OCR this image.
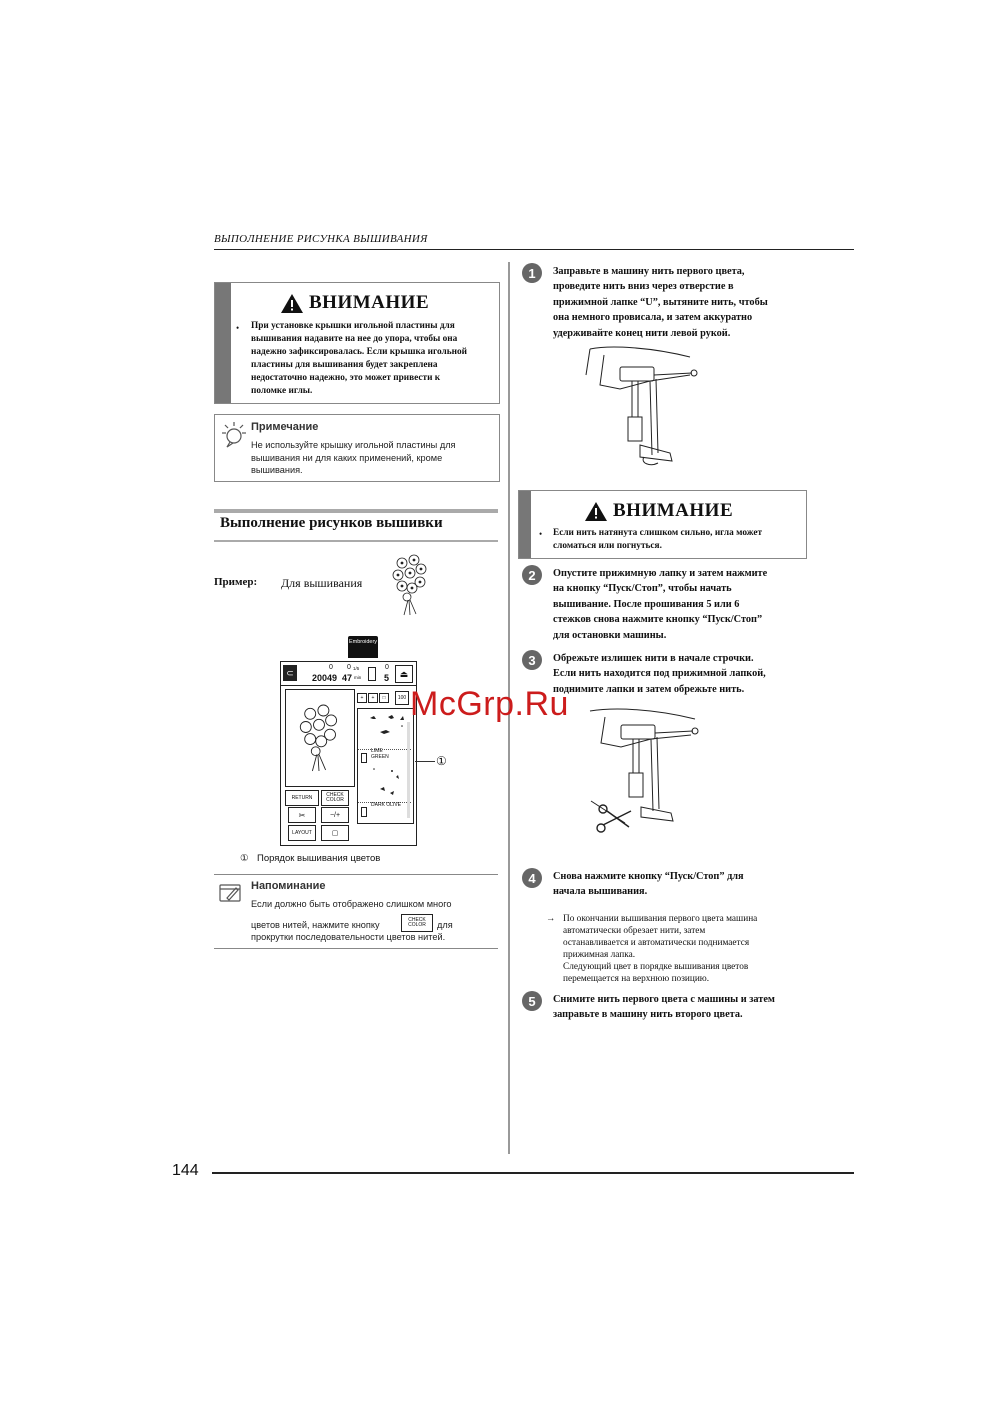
ВЫПОЛНЕНИЕ РИСУНКА ВЫШИВАНИЯ
ВНИМАНИЕ
• При установке крышки игольной пластины для
вышивания надавите на нее до упора, чтобы она
надежно зафиксировалась. Если крышка игольной
пластины для вышивания будет закреплена
недостаточно надежно, это может привести к
поломке иглы.
Примечание
Не используйте крышку игольной пластины для
вышивания ни для каких применений, кроме
вышивания.
Выполнение рисунков вышивки
Пример: Для вышивания
Embroidery
⊂
0
20049
0
47
1/5
min
0
5	⏏
RETURN	CHECK COLOR
✂	−/+
LAYOUT	▢
+	+	□	100
LIME GREEN
DARK OLIVE
①
① Порядок вышивания цветов
Напоминание
Если должно быть отображено слишком много
цветов нитей, нажмите кнопку	CHECK COLOR	для
прокрутки последовательности цветов нитей.
1	Заправьте в машину нить первого цвета,
проведите нить вниз через отверстие в
прижимной лапке “U”, вытяните нить, чтобы
она немного провисала, и затем аккуратно
удерживайте конец нити левой рукой.
ВНИМАНИЕ
• Если нить натянута слишком сильно, игла может
сломаться или погнуться.
2	Опустите прижимную лапку и затем нажмите
на кнопку “Пуск/Стоп”, чтобы начать
вышивание. После прошивания 5 или 6
стежков снова нажмите кнопку “Пуск/Стоп”
для остановки машины.
3	Обрежьте излишек нити в начале строчки.
Если нить находится под прижимной лапкой,
поднимите лапки и затем обрежьте нить.
McGrp.Ru
4	Снова нажмите кнопку “Пуск/Стоп” для
начала вышивания.
→ По окончании вышивания первого цвета машина
автоматически обрезает нити, затем
останавливается и автоматически поднимается
прижимная лапка.
Следующий цвет в порядке вышивания цветов
перемещается на верхнюю позицию.
5	Снимите нить первого цвета с машины и затем
заправьте в машину нить второго цвета.
144
